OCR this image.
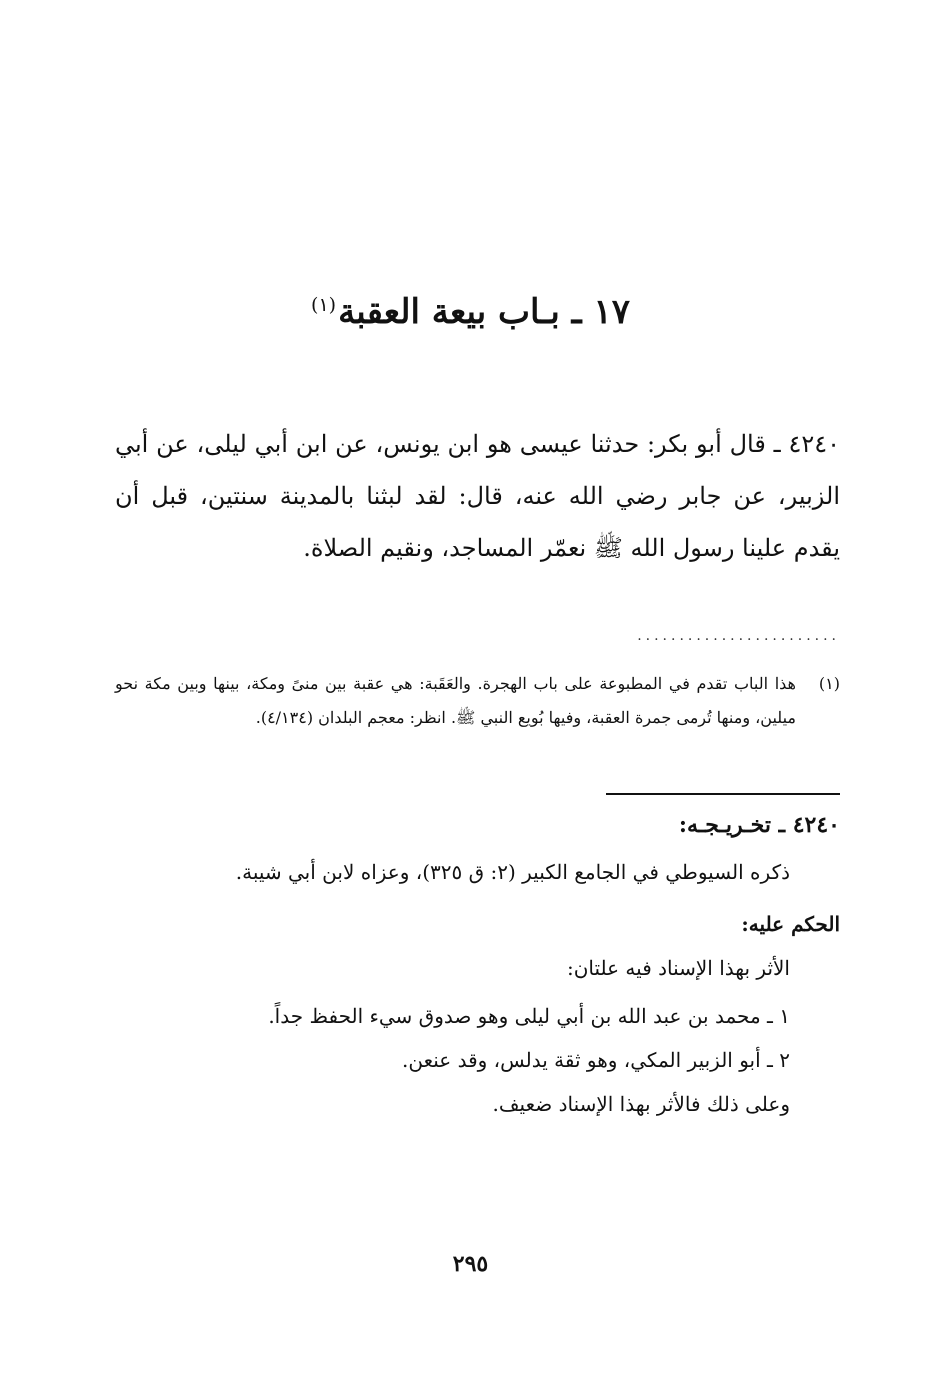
١٧ ـ بـاب بيعة العقبة$^{(١)}$
٤٢٤٠ ـ قال أبو بكر: حدثنا عيسى هو ابن يونس، عن ابن أبي ليلى، عن أبي الزبير، عن جابر رضي الله عنه، قال: لقد لبثنا بالمدينة سنتين، قبل أن يقدم علينا رسول الله ﷺ نعمّر المساجد، ونقيم الصلاة.
........................
(١)
هذا الباب تقدم في المطبوعة على باب الهجرة. والعَقَبة: هي عقبة بين منىً ومكة، بينها وبين مكة نحو ميلين، ومنها تُرمى جمرة العقبة، وفيها بُويع النبي ﷺ. انظر: معجم البلدان (٤/١٣٤).
٤٢٤٠ ـ تخـريـجـه:
ذكره السيوطي في الجامع الكبير (٢: ق ٣٢٥)، وعزاه لابن أبي شيبة.
الحكم عليه:
الأثر بهذا الإسناد فيه علتان:
١ ـ محمد بن عبد الله بن أبي ليلى وهو صدوق سيء الحفظ جداً.
٢ ـ أبو الزبير المكي، وهو ثقة يدلس، وقد عنعن.
وعلى ذلك فالأثر بهذا الإسناد ضعيف.
٢٩٥
